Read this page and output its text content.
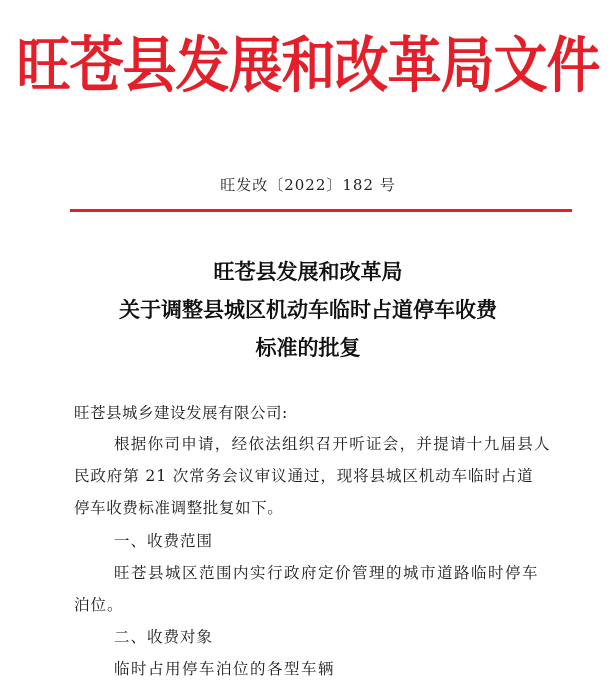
旺苍县发展和改革局文件
旺发改〔2022〕182 号
旺苍县发展和改革局
关于调整县城区机动车临时占道停车收费
标准的批复
旺苍县城乡建设发展有限公司:
根据你司申请，经依法组织召开听证会，并提请十九届县人
民政府第 21 次常务会议审议通过，现将县城区机动车临时占道
停车收费标准调整批复如下。
一、收费范围
旺苍县城区范围内实行政府定价管理的城市道路临时停车
泊位。
二、收费对象
临时占用停车泊位的各型车辆
